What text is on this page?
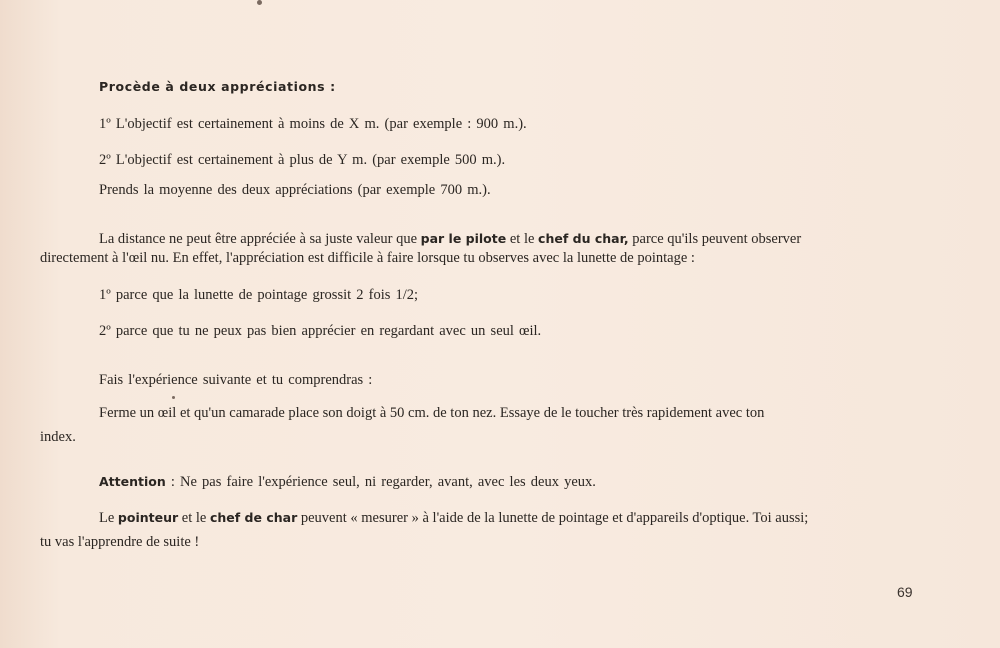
Procède à deux appréciations :
1º L'objectif est certainement à moins de X m. (par exemple : 900 m.).
2º L'objectif est certainement à plus de Y m. (par exemple 500 m.).
Prends la moyenne des deux appréciations (par exemple 700 m.).
La distance ne peut être appréciée à sa juste valeur que par le pilote et le chef du char, parce qu'ils peuvent observer
directement à l'œil nu. En effet, l'appréciation est difficile à faire lorsque tu observes avec la lunette de pointage :
1º parce que la lunette de pointage grossit 2 fois 1/2;
2º parce que tu ne peux pas bien apprécier en regardant avec un seul œil.
Fais l'expérience suivante et tu comprendras :
Ferme un œil et qu'un camarade place son doigt à 50 cm. de ton nez. Essaye de le toucher très rapidement avec ton
index.
Attention : Ne pas faire l'expérience seul, ni regarder, avant, avec les deux yeux.
Le pointeur et le chef de char peuvent « mesurer » à l'aide de la lunette de pointage et d'appareils d'optique. Toi aussi;
tu vas l'apprendre de suite !
69
